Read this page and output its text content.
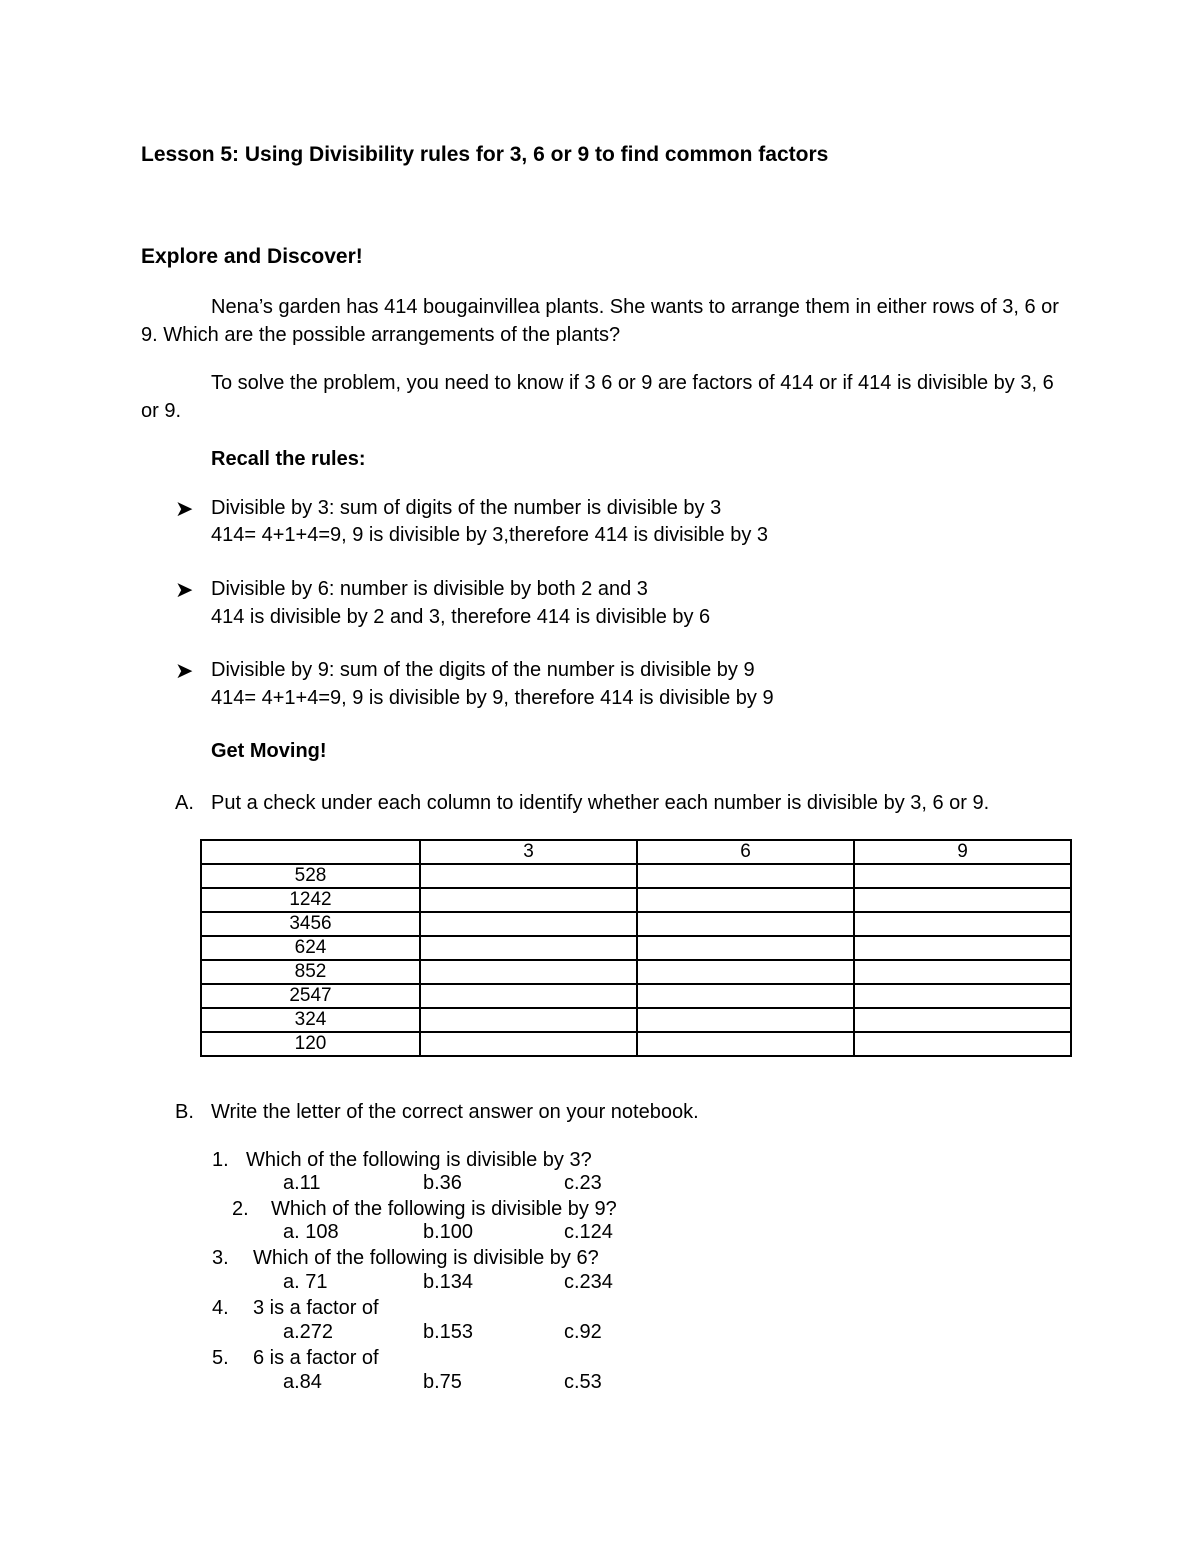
Lesson 5: Using Divisibility rules for 3, 6 or 9 to find common factors
Explore and Discover!
Nena’s garden has 414 bougainvillea plants. She wants to arrange them in either rows of 3, 6 or 9. Which are the possible arrangements of the plants?
To solve the problem, you need to know if 3 6 or 9 are factors of 414 or if 414 is divisible by 3, 6 or 9.
Recall the rules:
➤ Divisible by 3: sum of digits of the number is divisible by 3
414= 4+1+4=9, 9 is divisible by 3,therefore 414 is divisible by 3
➤ Divisible by 6: number is divisible by both 2 and 3
414 is divisible by 2 and 3, therefore 414 is divisible by 6
➤ Divisible by 9: sum of the digits of the number is divisible by 9
414= 4+1+4=9, 9 is divisible by 9, therefore 414 is divisible by 9
Get Moving!
A. Put a check under each column to identify whether each number is divisible by 3, 6 or 9.
	3	6	9
528			
1242			
3456			
624			
852			
2547			
324			
120			
B. Write the letter of the correct answer on your notebook.
1. Which of the following is divisible by 3?
a.11	b.36	c.23
2. Which of the following is divisible by 9?
a. 108	b.100	c.124
3. Which of the following is divisible by 6?
a. 71	b.134	c.234
4. 3 is a factor of
a.272	b.153	c.92
5. 6 is a factor of
a.84	b.75	c.53
